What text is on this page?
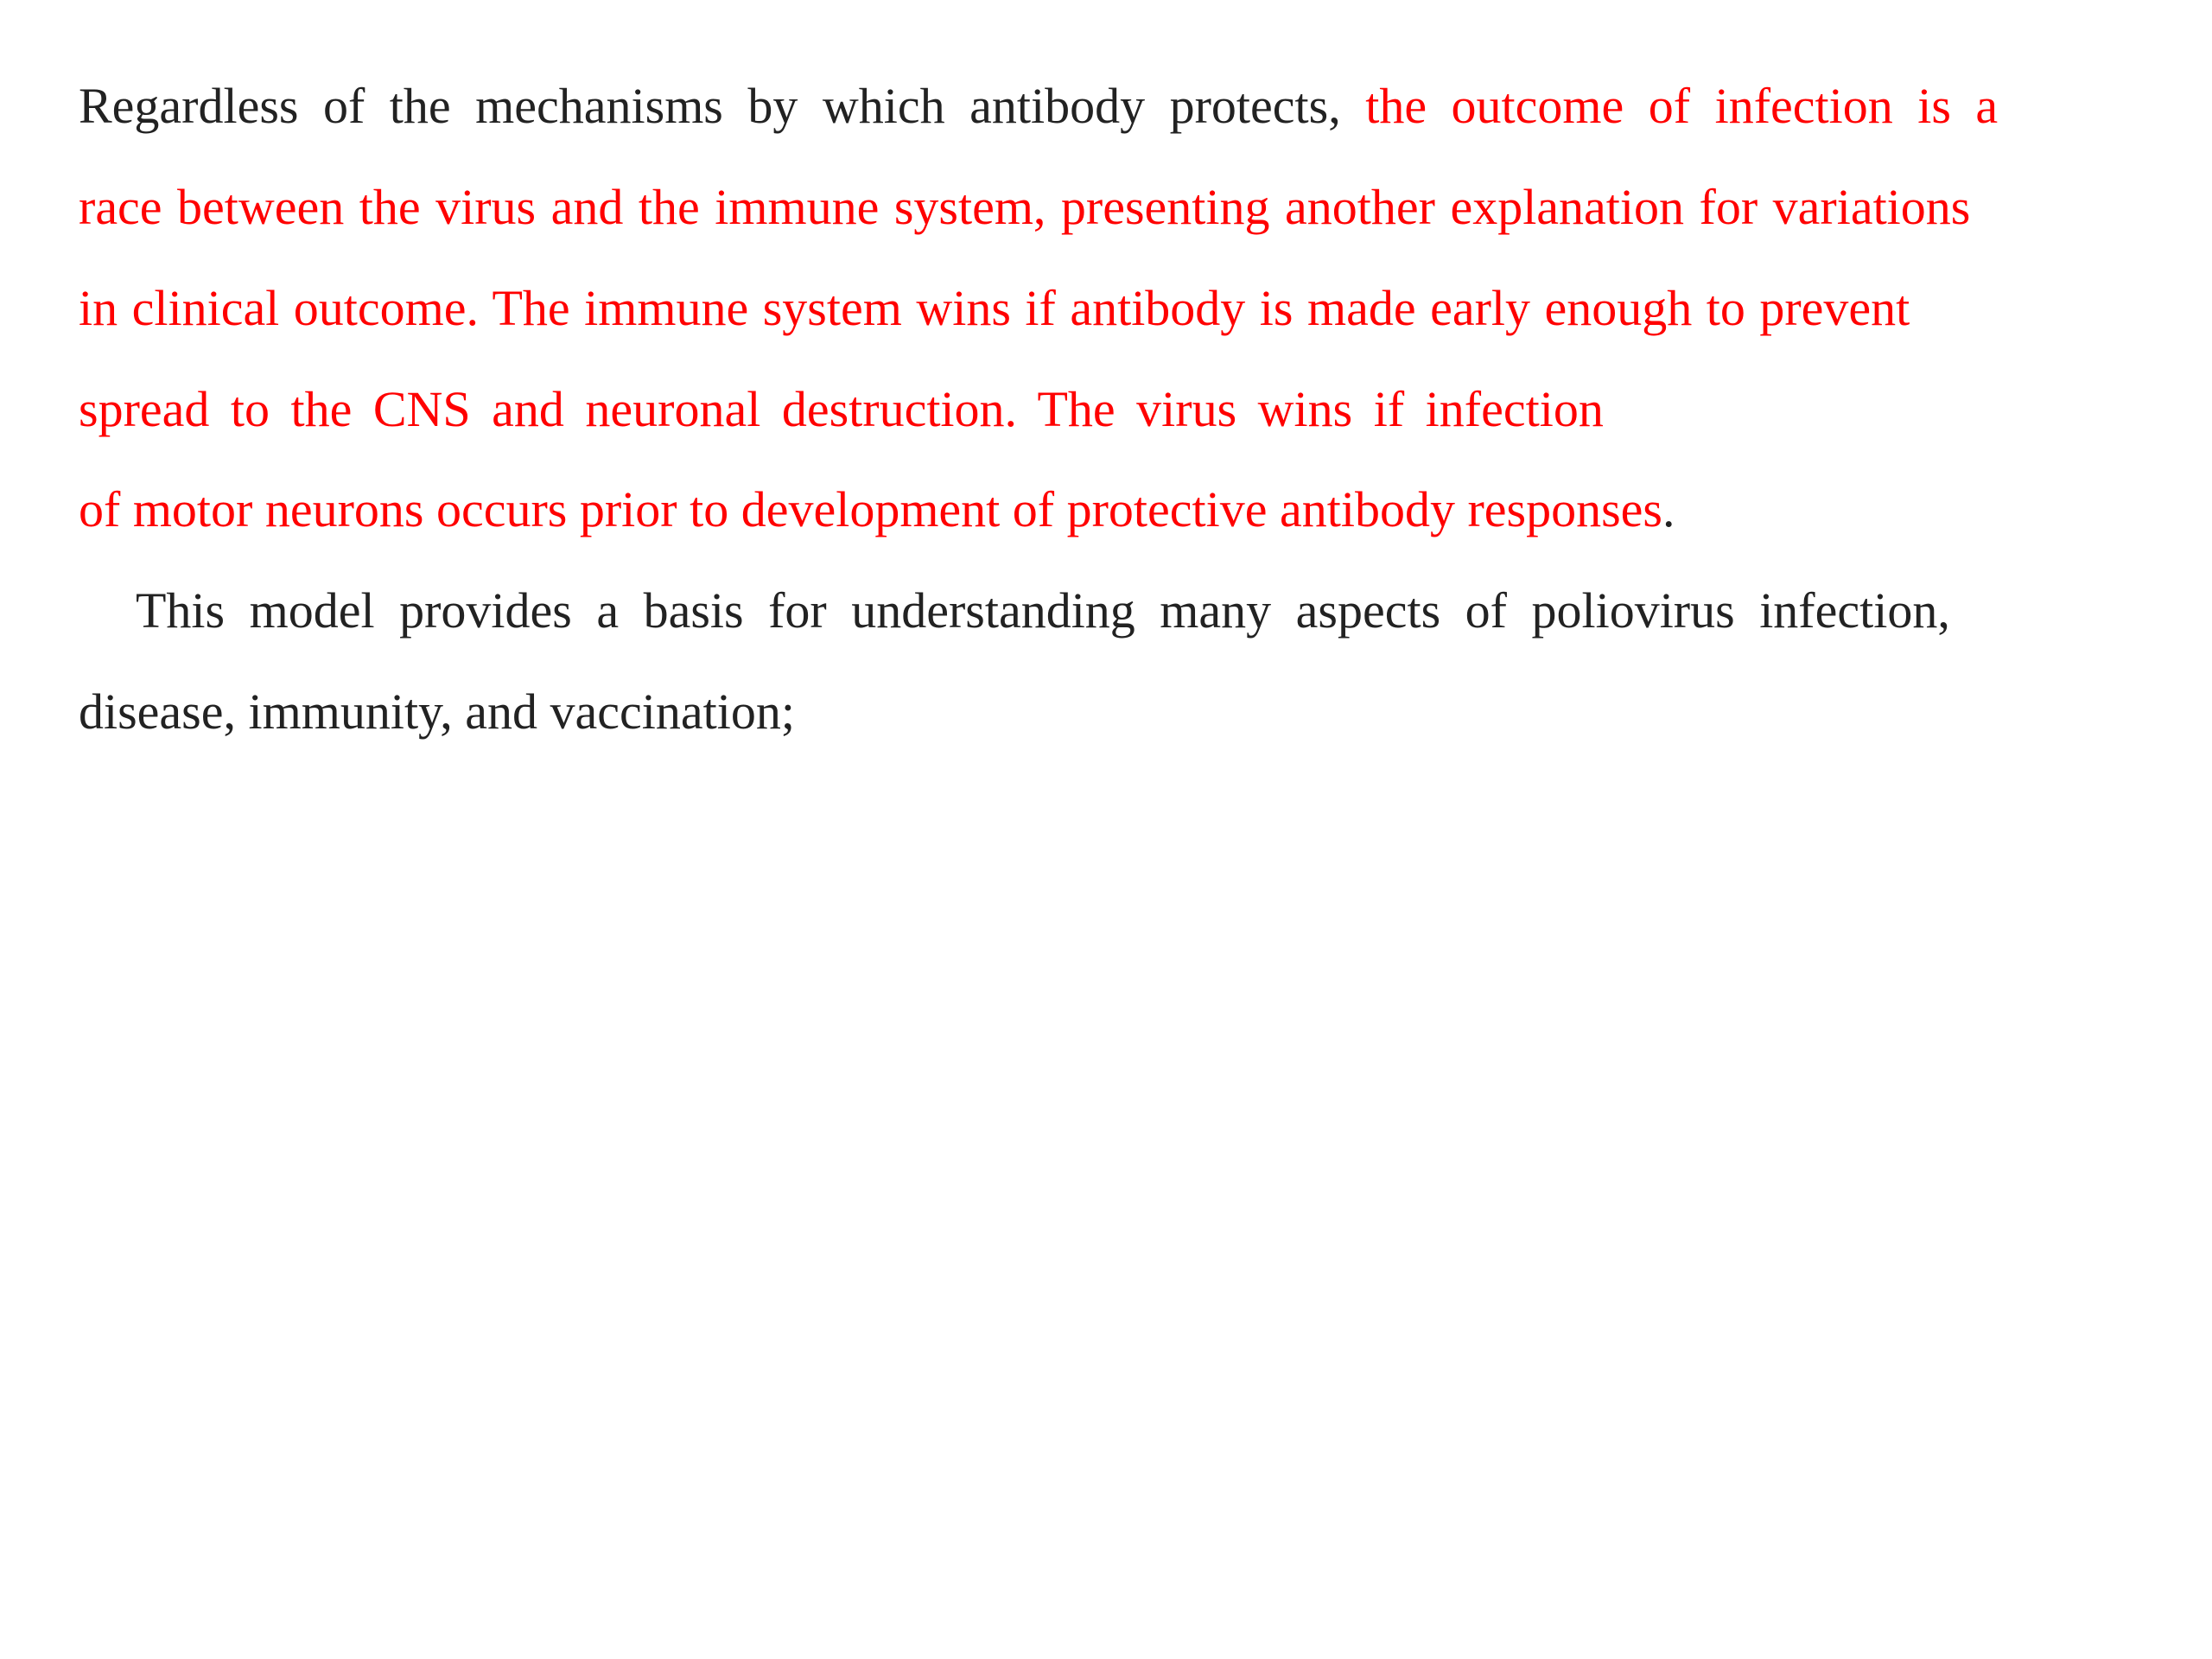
Regardless of the mechanisms by which antibody protects, the outcome of infection is a
race between the virus and the immune system, presenting another explanation for variations
in clinical outcome. The immune system wins if antibody is made early enough to prevent
spread to the CNS and neuronal destruction. The virus wins if infection
of motor neurons occurs prior to development of protective antibody responses.
This model provides a basis for understanding many aspects of poliovirus infection,
disease, immunity, and vaccination;
